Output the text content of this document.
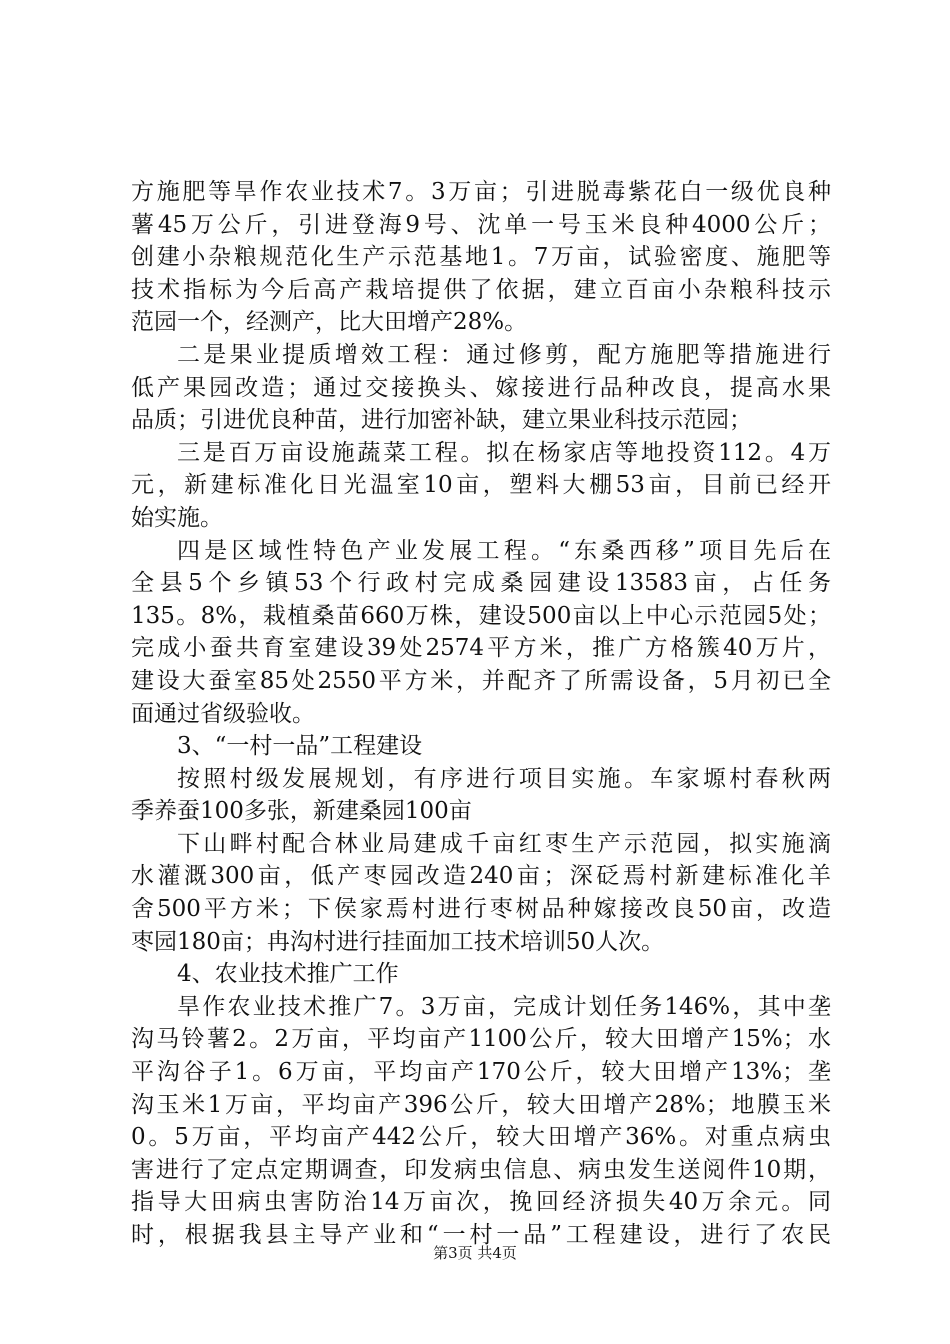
方施肥等旱作农业技术7。3万亩；引进脱毒紫花白一级优良种
薯45万公斤，引进登海9号、沈单一号玉米良种4000公斤；
创建小杂粮规范化生产示范基地1。7万亩，试验密度、施肥等
技术指标为今后高产栽培提供了依据，建立百亩小杂粮科技示
范园一个，经测产，比大田增产28%。
二是果业提质增效工程：通过修剪，配方施肥等措施进行
低产果园改造；通过交接换头、嫁接进行品种改良，提高水果
品质；引进优良种苗，进行加密补缺，建立果业科技示范园；
三是百万亩设施蔬菜工程。拟在杨家店等地投资112。4万
元，新建标准化日光温室10亩，塑料大棚53亩，目前已经开
始实施。
四是区域性特色产业发展工程。“东桑西移”项目先后在
全县5个乡镇53个行政村完成桑园建设13583亩，占任务
135。8%，栽植桑苗660万株，建设500亩以上中心示范园5处；
完成小蚕共育室建设39处2574平方米，推广方格簇40万片，
建设大蚕室85处2550平方米，并配齐了所需设备，5月初已全
面通过省级验收。
3、“一村一品”工程建设
按照村级发展规划，有序进行项目实施。车家塬村春秋两
季养蚕100多张，新建桑园100亩
下山畔村配合林业局建成千亩红枣生产示范园，拟实施滴
水灌溉300亩，低产枣园改造240亩；深砭焉村新建标准化羊
舍500平方米；下侯家焉村进行枣树品种嫁接改良50亩，改造
枣园180亩；冉沟村进行挂面加工技术培训50人次。
4、农业技术推广工作
旱作农业技术推广7。3万亩，完成计划任务146%，其中垄
沟马铃薯2。2万亩，平均亩产1100公斤，较大田增产15%；水
平沟谷子1。6万亩，平均亩产170公斤，较大田增产13%；垄
沟玉米1万亩，平均亩产396公斤，较大田增产28%；地膜玉米
0。5万亩，平均亩产442公斤，较大田增产36%。对重点病虫
害进行了定点定期调查，印发病虫信息、病虫发生送阅件10期，
指导大田病虫害防治14万亩次，挽回经济损失40万余元。同
时，根据我县主导产业和“一村一品”工程建设，进行了农民
第3页 共4页
